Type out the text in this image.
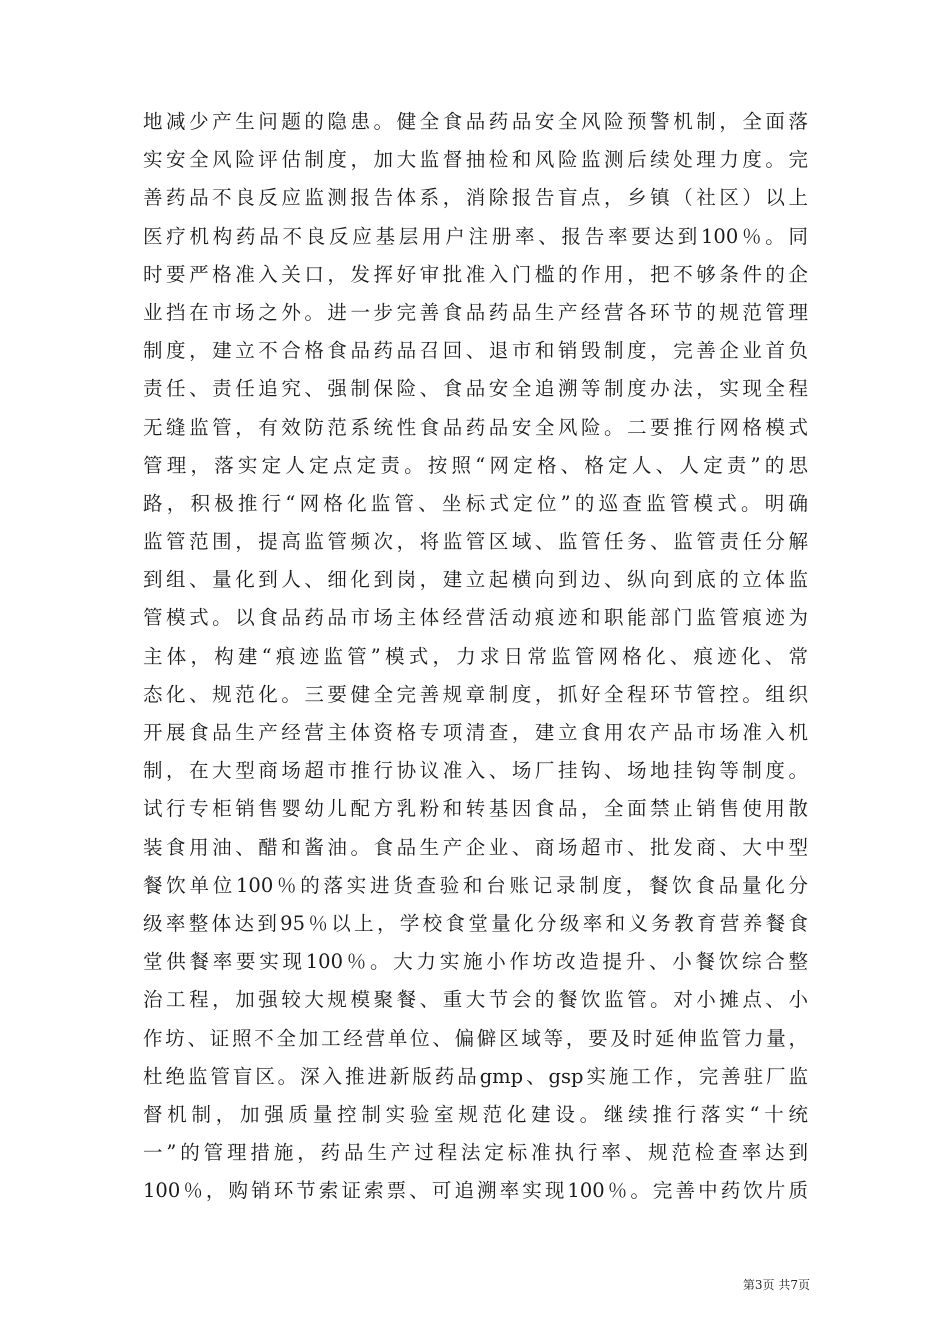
地减少产生问题的隐患。健全食品药品安全风险预警机制，全面落
实安全风险评估制度，加大监督抽检和风险监测后续处理力度。完
善药品不良反应监测报告体系，消除报告盲点，乡镇（社区）以上
医疗机构药品不良反应基层用户注册率、报告率要达到100％。同
时要严格准入关口，发挥好审批准入门槛的作用，把不够条件的企
业挡在市场之外。进一步完善食品药品生产经营各环节的规范管理
制度，建立不合格食品药品召回、退市和销毁制度，完善企业首负
责任、责任追究、强制保险、食品安全追溯等制度办法，实现全程
无缝监管，有效防范系统性食品药品安全风险。二要推行网格模式
管理，落实定人定点定责。按照“网定格、格定人、人定责”的思
路，积极推行“网格化监管、坐标式定位”的巡查监管模式。明确
监管范围，提高监管频次，将监管区域、监管任务、监管责任分解
到组、量化到人、细化到岗，建立起横向到边、纵向到底的立体监
管模式。以食品药品市场主体经营活动痕迹和职能部门监管痕迹为
主体，构建“痕迹监管”模式，力求日常监管网格化、痕迹化、常
态化、规范化。三要健全完善规章制度，抓好全程环节管控。组织
开展食品生产经营主体资格专项清查，建立食用农产品市场准入机
制，在大型商场超市推行协议准入、场厂挂钩、场地挂钩等制度。
试行专柜销售婴幼儿配方乳粉和转基因食品，全面禁止销售使用散
装食用油、醋和酱油。食品生产企业、商场超市、批发商、大中型
餐饮单位100％的落实进货查验和台账记录制度，餐饮食品量化分
级率整体达到95％以上，学校食堂量化分级率和义务教育营养餐食
堂供餐率要实现100％。大力实施小作坊改造提升、小餐饮综合整
治工程，加强较大规模聚餐、重大节会的餐饮监管。对小摊点、小
作坊、证照不全加工经营单位、偏僻区域等，要及时延伸监管力量，
杜绝监管盲区。深入推进新版药品gmp、gsp实施工作，完善驻厂监
督机制，加强质量控制实验室规范化建设。继续推行落实“十统
一”的管理措施，药品生产过程法定标准执行率、规范检查率达到
100％，购销环节索证索票、可追溯率实现100％。完善中药饮片质
第3页 共7页
